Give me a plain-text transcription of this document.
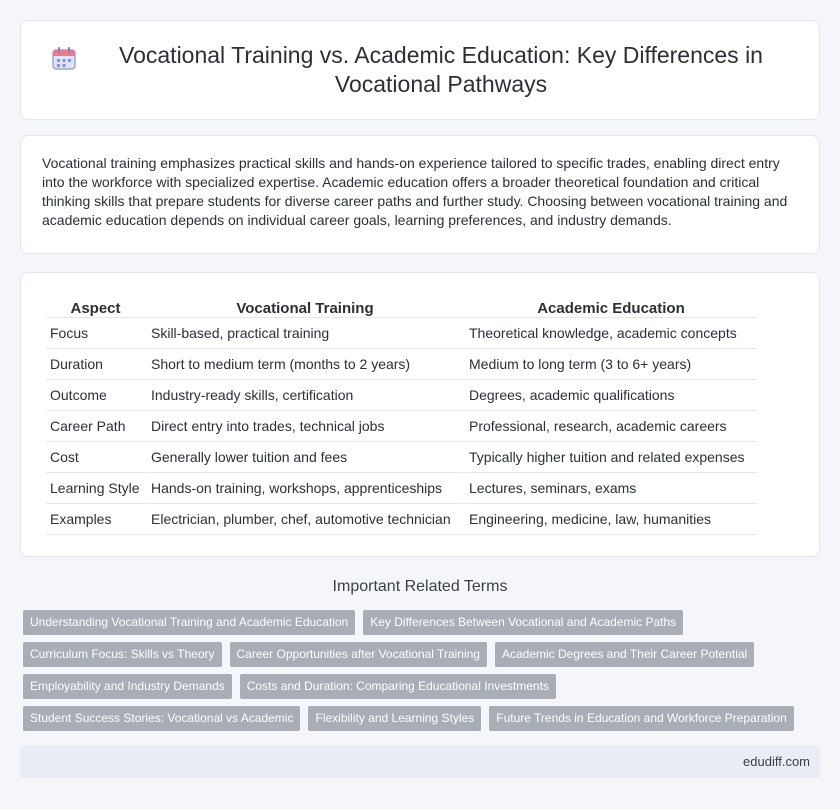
Vocational Training vs. Academic Education: Key Differences in Vocational Pathways

Vocational training emphasizes practical skills and hands-on experience tailored to specific trades, enabling direct entry into the workforce with specialized expertise. Academic education offers a broader theoretical foundation and critical thinking skills that prepare students for diverse career paths and further study. Choosing between vocational training and academic education depends on individual career goals, learning preferences, and industry demands.

Aspect	Vocational Training	Academic Education
Focus	Skill-based, practical training	Theoretical knowledge, academic concepts
Duration	Short to medium term (months to 2 years)	Medium to long term (3 to 6+ years)
Outcome	Industry-ready skills, certification	Degrees, academic qualifications
Career Path	Direct entry into trades, technical jobs	Professional, research, academic careers
Cost	Generally lower tuition and fees	Typically higher tuition and related expenses
Learning Style	Hands-on training, workshops, apprenticeships	Lectures, seminars, exams
Examples	Electrician, plumber, chef, automotive technician	Engineering, medicine, law, humanities
Important Related Terms
Understanding Vocational Training and Academic Education	Key Differences Between Vocational and Academic Paths
Curriculum Focus: Skills vs Theory	Career Opportunities after Vocational Training	Academic Degrees and Their Career Potential
Employability and Industry Demands	Costs and Duration: Comparing Educational Investments
Student Success Stories: Vocational vs Academic	Flexibility and Learning Styles	Future Trends in Education and Workforce Preparation
edudiff.com
